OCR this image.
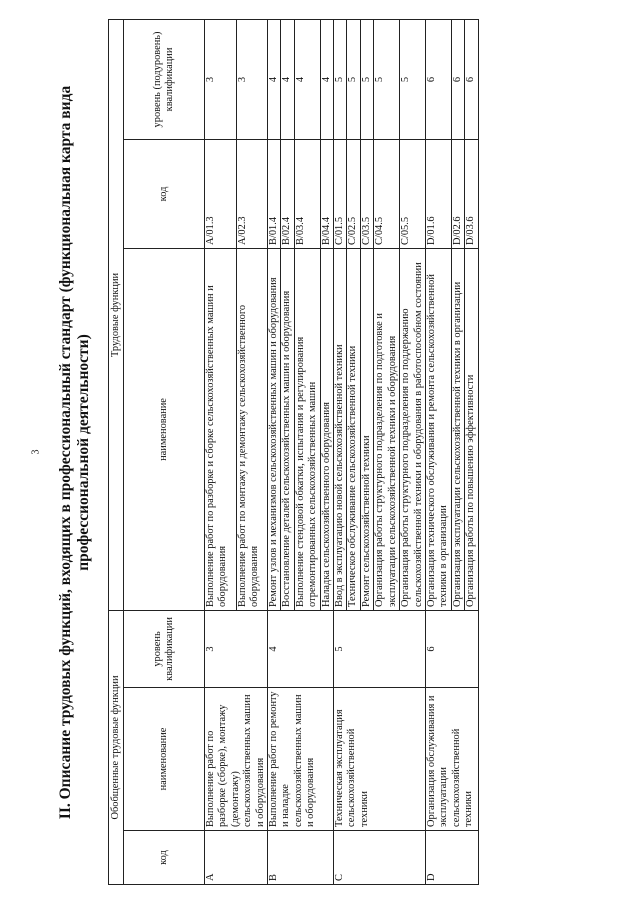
3 II. Описание трудовых функций, входящих в профессиональный стандарт (функциональная карта вида профессиональной деятельности)
Обобщенные трудовые функции			Трудовые функции		
код	наименование	уровень квалификации	наименование	код	уровень (подуровень) квалификации
A	Выполнение работ по разборке (сборке), монтажу (демонтажу) сельскохозяйственных машин и оборудования	3	Выполнение работ по разборке и сборке сельскохозяйственных машин и оборудования	A/01.3	3
			Выполнение работ по монтажу и демонтажу сельскохозяйственного оборудования	A/02.3	3
B	Выполнение работ по ремонту и наладке сельскохозяйственных машин и оборудования	4	Ремонт узлов и механизмов сельскохозяйственных машин и оборудования	B/01.4	4
			Восстановление деталей сельскохозяйственных машин и оборудования	B/02.4	4
			Выполнение стендовой обкатки, испытания и регулирования отремонтированных сельскохозяйственных машин	B/03.4	4
			Наладка сельскохозяйственного оборудования	B/04.4	4
C	Техническая эксплуатация сельскохозяйственной техники	5	Ввод в эксплуатацию новой сельскохозяйственной техники	C/01.5	5
			Техническое обслуживание сельскохозяйственной техники	C/02.5	5
			Ремонт сельскохозяйственной техники	C/03.5	5
			Организация работы структурного подразделения по подготовке и эксплуатации сельскохозяйственной техники и оборудования	C/04.5	5
			Организация работы структурного подразделения по поддержанию сельскохозяйственной техники и оборудования в работоспособном состоянии	C/05.5	5
D	Организация обслуживания и эксплуатации сельскохозяйственной техники	6	Организация технического обслуживания и ремонта сельскохозяйственной техники в организации	D/01.6	6
			Организация эксплуатации сельскохозяйственной техники в организации	D/02.6	6
			Организация работы по повышению эффективности	D/03.6	6
